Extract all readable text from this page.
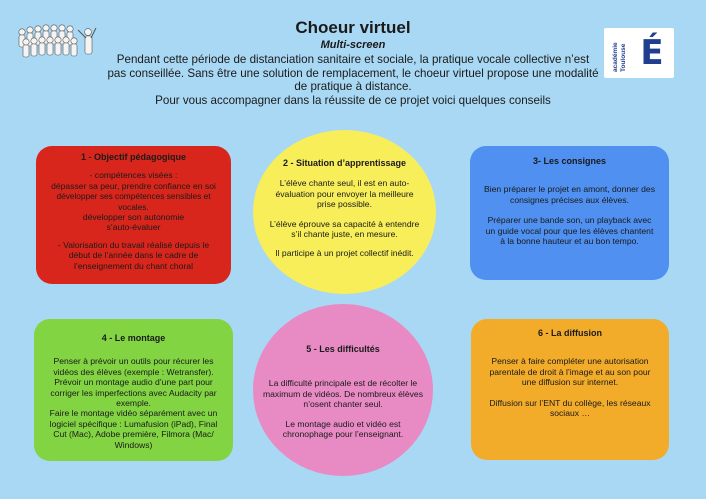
Choeur virtuel
Multi-screen
Pendant cette période de distanciation sanitaire et sociale, la pratique vocale collective n’est
pas conseillée. Sans être une solution de remplacement, le choeur virtuel propose une modalité
de pratique à distance.
Pour vous accompagner dans la réussite de ce projet voici quelques conseils
académie Toulouse É
1 - Objectif pédagogique

- compétences visées :

dépasser sa peur, prendre confiance en soi

développer ses compétences sensibles et vocales.

développer son autonomie

s’auto-évaluer

- Valorisation du travail réalisé depuis le

début de l’année dans le cadre de

l’enseignement du chant choral

2 - Situation d’apprentissage

L’élève chante seul, il est en auto-

évaluation pour envoyer la meilleure

prise possible.

L’élève éprouve sa capacité à entendre

s’il chante juste, en mesure.

Il participe à un projet collectif inédit.

3- Les consignes

Bien préparer le projet en amont, donner des

consignes précises aux élèves.

Préparer une bande son, un playback avec

un guide vocal pour que les élèves chantent

à la bonne hauteur et au bon tempo.

4 - Le montage

Penser à prévoir un outils pour récurer les

vidéos des élèves (exemple : Wetransfer).

Prévoir un montage audio d’une part pour

corriger les imperfections avec Audacity par

exemple.

Faire le montage vidéo séparément avec un

logiciel spécifique : Lumafusion (iPad), Final

Cut (Mac), Adobe première, Filmora (Mac/

Windows)

5 - Les difficultés

La difficulté principale est de récolter le

maximum de vidéos. De nombreux élèves

n’osent chanter seul.

Le montage audio et vidéo est

chronophage pour l’enseignant.

6 - La diffusion

Penser à faire compléter une autorisation

parentale de droit à l’image et au son pour

une diffusion sur internet.

Diffusion sur l’ENT du collège, les réseaux

sociaux …
